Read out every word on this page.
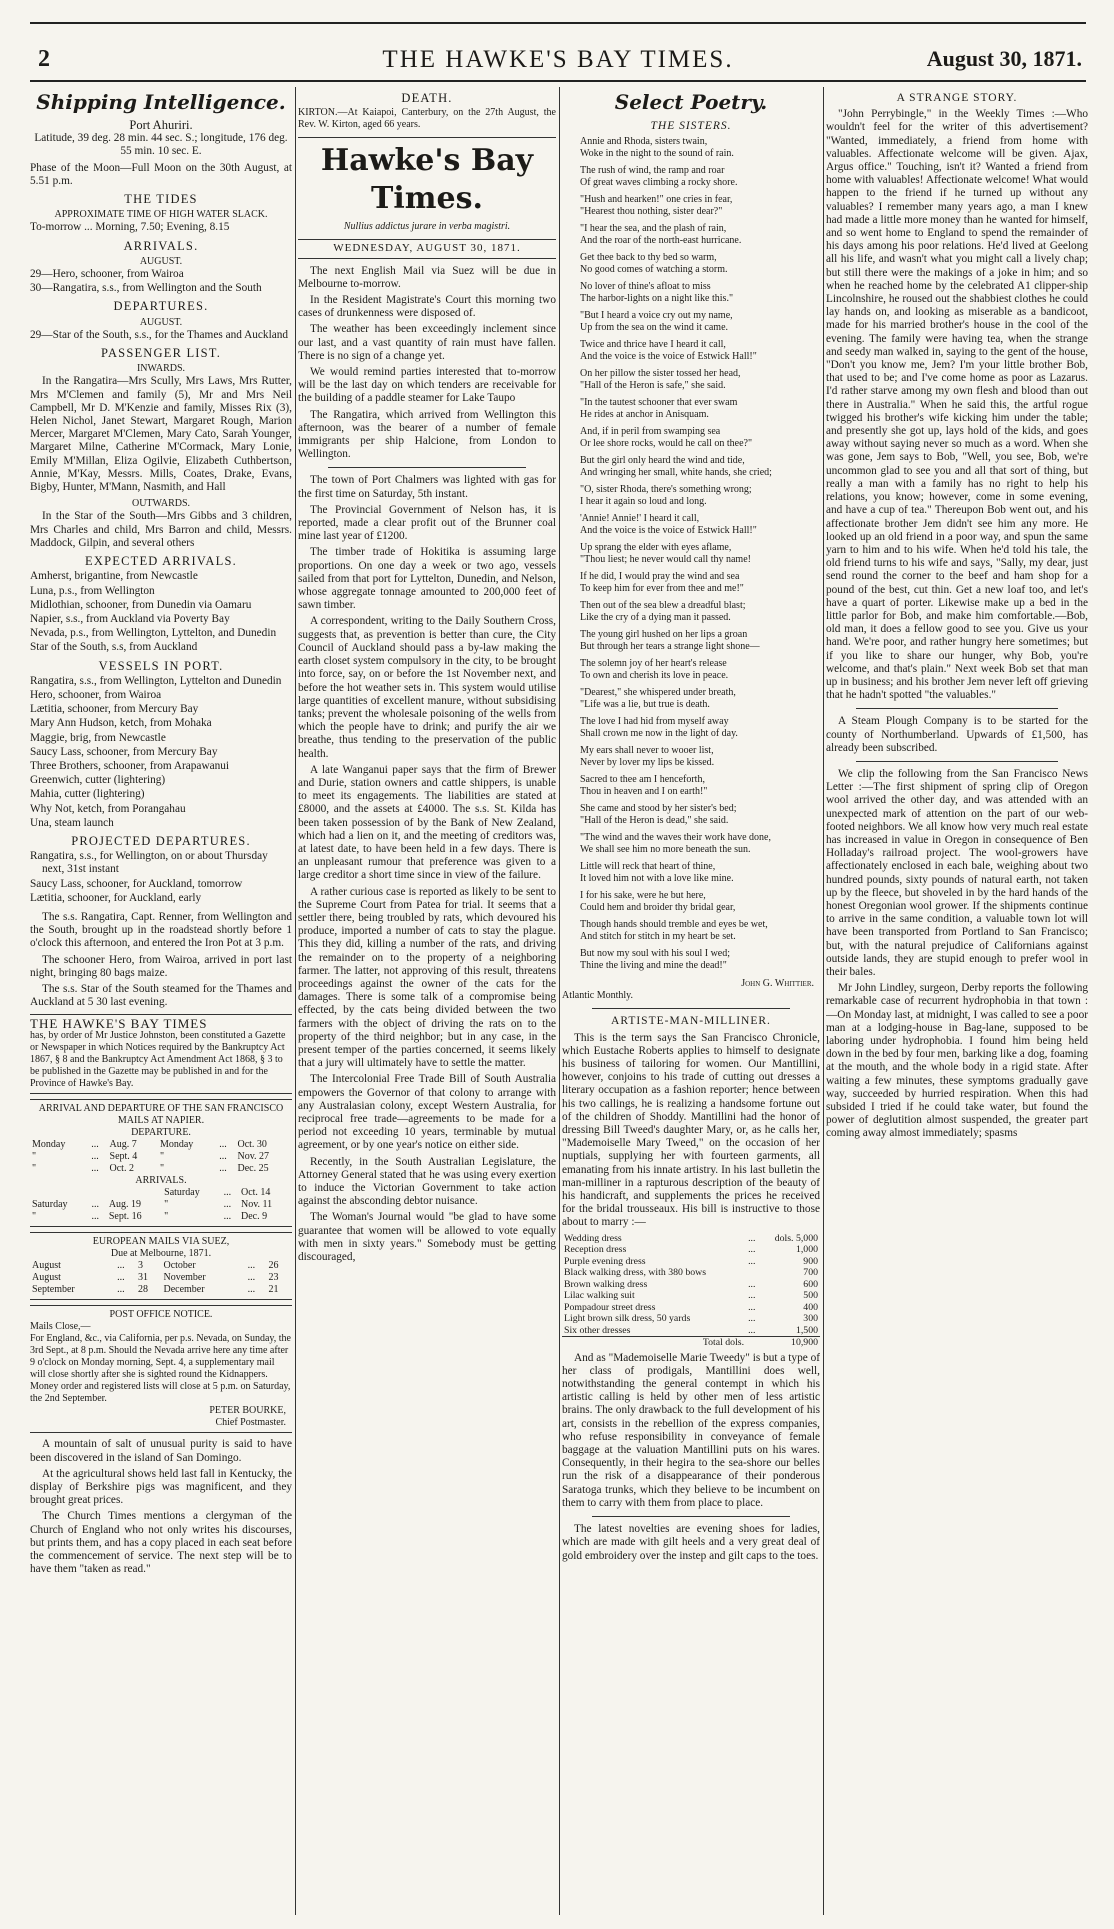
2	THE HAWKE'S BAY TIMES.	August 30, 1871.
Shipping Intelligence.
Port Ahuriri.

Latitude, 39 deg. 28 min. 44 sec. S.; longitude, 176 deg. 55 min. 10 sec. E.

Phase of the Moon—Full Moon on the 30th August, at 5.51 p.m.

THE TIDES
APPROXIMATE TIME OF HIGH WATER SLACK.

To-morrow ... Morning, 7.50; Evening, 8.15

ARRIVALS.
AUGUST.
29—Hero, schooner, from Wairoa
30—Rangatira, s.s., from Wellington and the South
DEPARTURES.
AUGUST.
29—Star of the South, s.s., for the Thames and Auckland
PASSENGER LIST.
INWARDS.

In the Rangatira—Mrs Scully, Mrs Laws, Mrs Rutter, Mrs M'Clemen and family (5), Mr and Mrs Neil Campbell, Mr D. M'Kenzie and family, Misses Rix (3), Helen Nichol, Janet Stewart, Margaret Rough, Marion Mercer, Margaret M'Clemen, Mary Cato, Sarah Younger, Margaret Milne, Catherine M'Cormack, Mary Lonie, Emily M'Millan, Eliza Ogilvie, Elizabeth Cuthbertson, Annie, M'Kay, Messrs. Mills, Coates, Drake, Evans, Bigby, Hunter, M'Mann, Nasmith, and Hall

OUTWARDS.

In the Star of the South—Mrs Gibbs and 3 children, Mrs Charles and child, Mrs Barron and child, Messrs. Maddock, Gilpin, and several others

EXPECTED ARRIVALS.
Amherst, brigantine, from Newcastle
Luna, p.s., from Wellington
Midlothian, schooner, from Dunedin via Oamaru
Napier, s.s., from Auckland via Poverty Bay
Nevada, p.s., from Wellington, Lyttelton, and Dunedin
Star of the South, s.s, from Auckland
VESSELS IN PORT.
Rangatira, s.s., from Wellington, Lyttelton and Dunedin
Hero, schooner, from Wairoa
Lætitia, schooner, from Mercury Bay
Mary Ann Hudson, ketch, from Mohaka
Maggie, brig, from Newcastle
Saucy Lass, schooner, from Mercury Bay
Three Brothers, schooner, from Arapawanui
Greenwich, cutter (lightering)
Mahia, cutter (lightering)
Why Not, ketch, from Porangahau
Una, steam launch
PROJECTED DEPARTURES.
Rangatira, s.s., for Wellington, on or about Thursday next, 31st instant
Saucy Lass, schooner, for Auckland, tomorrow
Lætitia, schooner, for Auckland, early

The s.s. Rangatira, Capt. Renner, from Wellington and the South, brought up in the roadstead shortly before 1 o'clock this afternoon, and entered the Iron Pot at 3 p.m.

The schooner Hero, from Wairoa, arrived in port last night, bringing 80 bags maize.

The s.s. Star of the South steamed for the Thames and Auckland at 5 30 last evening.

THE HAWKE'S BAY TIMES
has, by order of Mr Justice Johnston, been constituted a Gazette or Newspaper in which Notices required by the Bankruptcy Act 1867, § 8 and the Bankruptcy Act Amendment Act 1868, § 3 to be published in the Gazette may be published in and for the Province of Hawke's Bay.
ARRIVAL AND DEPARTURE OF THE SAN FRANCISCO MAILS AT NAPIER.
DEPARTURE.
Monday	...	Aug. 7	Monday	...	Oct. 30
"	...	Sept. 4	"	...	Nov. 27
"	...	Oct. 2	"	...	Dec. 25
ARRIVALS.
			Saturday	...	Oct. 14
Saturday	...	Aug. 19	"	...	Nov. 11
"	...	Sept. 16	"	...	Dec. 9
EUROPEAN MAILS VIA SUEZ,
Due at Melbourne, 1871.
August	...	3	October	...	26
August	...	31	November	...	23
September	...	28	December	...	21
POST OFFICE NOTICE.
Mails Close,—
For England, &c., via California, per p.s. Nevada, on Sunday, the 3rd Sept., at 8 p.m. Should the Nevada arrive here any time after 9 o'clock on Monday morning, Sept. 4, a supplementary mail will close shortly after she is sighted round the Kidnappers.
Money order and registered lists will close at 5 p.m. on Saturday, the 2nd September.
PETER BOURKE,
Chief Postmaster.

A mountain of salt of unusual purity is said to have been discovered in the island of San Domingo.

At the agricultural shows held last fall in Kentucky, the display of Berkshire pigs was magnificent, and they brought great prices.

The Church Times mentions a clergyman of the Church of England who not only writes his discourses, but prints them, and has a copy placed in each seat before the commencement of service. The next step will be to have them "taken as read."

DEATH.

KIRTON.—At Kaiapoi, Canterbury, on the 27th August, the Rev. W. Kirton, aged 66 years.

Hawke's Bay Times.
Nullius addictus jurare in verba magistri.
WEDNESDAY, AUGUST 30, 1871.

The next English Mail via Suez will be due in Melbourne to-morrow.

In the Resident Magistrate's Court this morning two cases of drunkenness were disposed of.

The weather has been exceedingly inclement since our last, and a vast quantity of rain must have fallen. There is no sign of a change yet.

We would remind parties interested that to-morrow will be the last day on which tenders are receivable for the building of a paddle steamer for Lake Taupo

The Rangatira, which arrived from Wellington this afternoon, was the bearer of a number of female immigrants per ship Halcione, from London to Wellington.

The town of Port Chalmers was lighted with gas for the first time on Saturday, 5th instant.

The Provincial Government of Nelson has, it is reported, made a clear profit out of the Brunner coal mine last year of £1200.

The timber trade of Hokitika is assuming large proportions. On one day a week or two ago, vessels sailed from that port for Lyttelton, Dunedin, and Nelson, whose aggregate tonnage amounted to 200,000 feet of sawn timber.

A correspondent, writing to the Daily Southern Cross, suggests that, as prevention is better than cure, the City Council of Auckland should pass a by-law making the earth closet system compulsory in the city, to be brought into force, say, on or before the 1st November next, and before the hot weather sets in. This system would utilise large quantities of excellent manure, without subsidising tanks; prevent the wholesale poisoning of the wells from which the people have to drink; and purify the air we breathe, thus tending to the preservation of the public health.

A late Wanganui paper says that the firm of Brewer and Durie, station owners and cattle shippers, is unable to meet its engagements. The liabilities are stated at £8000, and the assets at £4000. The s.s. St. Kilda has been taken possession of by the Bank of New Zealand, which had a lien on it, and the meeting of creditors was, at latest date, to have been held in a few days. There is an unpleasant rumour that preference was given to a large creditor a short time since in view of the failure.

A rather curious case is reported as likely to be sent to the Supreme Court from Patea for trial. It seems that a settler there, being troubled by rats, which devoured his produce, imported a number of cats to stay the plague. This they did, killing a number of the rats, and driving the remainder on to the property of a neighboring farmer. The latter, not approving of this result, threatens proceedings against the owner of the cats for the damages. There is some talk of a compromise being effected, by the cats being divided between the two farmers with the object of driving the rats on to the property of the third neighbor; but in any case, in the present temper of the parties concerned, it seems likely that a jury will ultimately have to settle the matter.

The Intercolonial Free Trade Bill of South Australia empowers the Governor of that colony to arrange with any Australasian colony, except Western Australia, for reciprocal free trade—agreements to be made for a period not exceeding 10 years, terminable by mutual agreement, or by one year's notice on either side.

Recently, in the South Australian Legislature, the Attorney General stated that he was using every exertion to induce the Victorian Government to take action against the absconding debtor nuisance.

The Woman's Journal would "be glad to have some guarantee that women will be allowed to vote equally with men in sixty years." Somebody must be getting discouraged,

Select Poetry.
THE SISTERS.
Annie and Rhoda, sisters twain,
Woke in the night to the sound of rain.
The rush of wind, the ramp and roar
Of great waves climbing a rocky shore.
"Hush and hearken!" one cries in fear,
"Hearest thou nothing, sister dear?"
"I hear the sea, and the plash of rain,
And the roar of the north-east hurricane.
Get thee back to thy bed so warm,
No good comes of watching a storm.
No lover of thine's afloat to miss
The harbor-lights on a night like this."
"But I heard a voice cry out my name,
Up from the sea on the wind it came.
Twice and thrice have I heard it call,
And the voice is the voice of Estwick Hall!"
On her pillow the sister tossed her head,
"Hall of the Heron is safe," she said.
"In the tautest schooner that ever swam
He rides at anchor in Anisquam.
And, if in peril from swamping sea
Or lee shore rocks, would he call on thee?"
But the girl only heard the wind and tide,
And wringing her small, white hands, she cried;
"O, sister Rhoda, there's something wrong;
I hear it again so loud and long.
'Annie! Annie!' I heard it call,
And the voice is the voice of Estwick Hall!"
Up sprang the elder with eyes aflame,
"Thou liest; he never would call thy name!
If he did, I would pray the wind and sea
To keep him for ever from thee and me!"
Then out of the sea blew a dreadful blast;
Like the cry of a dying man it passed.
The young girl hushed on her lips a groan
But through her tears a strange light shone—
The solemn joy of her heart's release
To own and cherish its love in peace.
"Dearest," she whispered under breath,
"Life was a lie, but true is death.
The love I had hid from myself away
Shall crown me now in the light of day.
My ears shall never to wooer list,
Never by lover my lips be kissed.
Sacred to thee am I henceforth,
Thou in heaven and I on earth!"
She came and stood by her sister's bed;
"Hall of the Heron is dead," she said.
"The wind and the waves their work have done,
We shall see him no more beneath the sun.
Little will reck that heart of thine,
It loved him not with a love like mine.
I for his sake, were he but here,
Could hem and broider thy bridal gear,
Though hands should tremble and eyes be wet,
And stitch for stitch in my heart be set.
But now my soul with his soul I wed;
Thine the living and mine the dead!"
John G. Whittier.
Atlantic Monthly.
ARTISTE-MAN-MILLINER.

This is the term says the San Francisco Chronicle, which Eustache Roberts applies to himself to designate his business of tailoring for women. Our Mantillini, however, conjoins to his trade of cutting out dresses a literary occupation as a fashion reporter; hence between his two callings, he is realizing a handsome fortune out of the children of Shoddy. Mantillini had the honor of dressing Bill Tweed's daughter Mary, or, as he calls her, "Mademoiselle Mary Tweed," on the occasion of her nuptials, supplying her with fourteen garments, all emanating from his innate artistry. In his last bulletin the man-milliner in a rapturous description of the beauty of his handicraft, and supplements the prices he received for the bridal trousseaux. His bill is instructive to those about to marry :—

Wedding dress	...	dols. 5,000
Reception dress	...	1,000
Purple evening dress	...	900
Black walking dress, with 380 bows		700
Brown walking dress	...	600
Lilac walking suit	...	500
Pompadour street dress	...	400
Light brown silk dress, 50 yards	...	300
Six other dresses	...	1,500
Total dols.		10,900

And as "Mademoiselle Marie Tweedy" is but a type of her class of prodigals, Mantillini does well, notwithstanding the general contempt in which his artistic calling is held by other men of less artistic brains. The only drawback to the full development of his art, consists in the rebellion of the express companies, who refuse responsibility in conveyance of female baggage at the valuation Mantillini puts on his wares. Consequently, in their hegira to the sea-shore our belles run the risk of a disappearance of their ponderous Saratoga trunks, which they believe to be incumbent on them to carry with them from place to place.

The latest novelties are evening shoes for ladies, which are made with gilt heels and a very great deal of gold embroidery over the instep and gilt caps to the toes.

A STRANGE STORY.

"John Perrybingle," in the Weekly Times :—Who wouldn't feel for the writer of this advertisement? "Wanted, immediately, a friend from home with valuables. Affectionate welcome will be given. Ajax, Argus office." Touching, isn't it? Wanted a friend from home with valuables! Affectionate welcome! What would happen to the friend if he turned up without any valuables? I remember many years ago, a man I knew had made a little more money than he wanted for himself, and so went home to England to spend the remainder of his days among his poor relations. He'd lived at Geelong all his life, and wasn't what you might call a lively chap; but still there were the makings of a joke in him; and so when he reached home by the celebrated A1 clipper-ship Lincolnshire, he roused out the shabbiest clothes he could lay hands on, and looking as miserable as a bandicoot, made for his married brother's house in the cool of the evening. The family were having tea, when the strange and seedy man walked in, saying to the gent of the house, "Don't you know me, Jem? I'm your little brother Bob, that used to be; and I've come home as poor as Lazarus. I'd rather starve among my own flesh and blood than out there in Australia." When he said this, the artful rogue twigged his brother's wife kicking him under the table; and presently she got up, lays hold of the kids, and goes away without saying never so much as a word. When she was gone, Jem says to Bob, "Well, you see, Bob, we're uncommon glad to see you and all that sort of thing, but really a man with a family has no right to help his relations, you know; however, come in some evening, and have a cup of tea." Thereupon Bob went out, and his affectionate brother Jem didn't see him any more. He looked up an old friend in a poor way, and spun the same yarn to him and to his wife. When he'd told his tale, the old friend turns to his wife and says, "Sally, my dear, just send round the corner to the beef and ham shop for a pound of the best, cut thin. Get a new loaf too, and let's have a quart of porter. Likewise make up a bed in the little parlor for Bob, and make him comfortable.—Bob, old man, it does a fellow good to see you. Give us your hand. We're poor, and rather hungry here sometimes; but if you like to share our hunger, why Bob, you're welcome, and that's plain." Next week Bob set that man up in business; and his brother Jem never left off grieving that he hadn't spotted "the valuables."

A Steam Plough Company is to be started for the county of Northumberland. Upwards of £1,500, has already been subscribed.

We clip the following from the San Francisco News Letter :—The first shipment of spring clip of Oregon wool arrived the other day, and was attended with an unexpected mark of attention on the part of our web-footed neighbors. We all know how very much real estate has increased in value in Oregon in consequence of Ben Holladay's railroad project. The wool-growers have affectionately enclosed in each bale, weighing about two hundred pounds, sixty pounds of natural earth, not taken up by the fleece, but shoveled in by the hard hands of the honest Oregonian wool grower. If the shipments continue to arrive in the same condition, a valuable town lot will have been transported from Portland to San Francisco; but, with the natural prejudice of Californians against outside lands, they are stupid enough to prefer wool in their bales.

Mr John Lindley, surgeon, Derby reports the following remarkable case of recurrent hydrophobia in that town :—On Monday last, at midnight, I was called to see a poor man at a lodging-house in Bag-lane, supposed to be laboring under hydrophobia. I found him being held down in the bed by four men, barking like a dog, foaming at the mouth, and the whole body in a rigid state. After waiting a few minutes, these symptoms gradually gave way, succeeded by hurried respiration. When this had subsided I tried if he could take water, but found the power of deglutition almost suspended, the greater part coming away almost immediately; spasms
